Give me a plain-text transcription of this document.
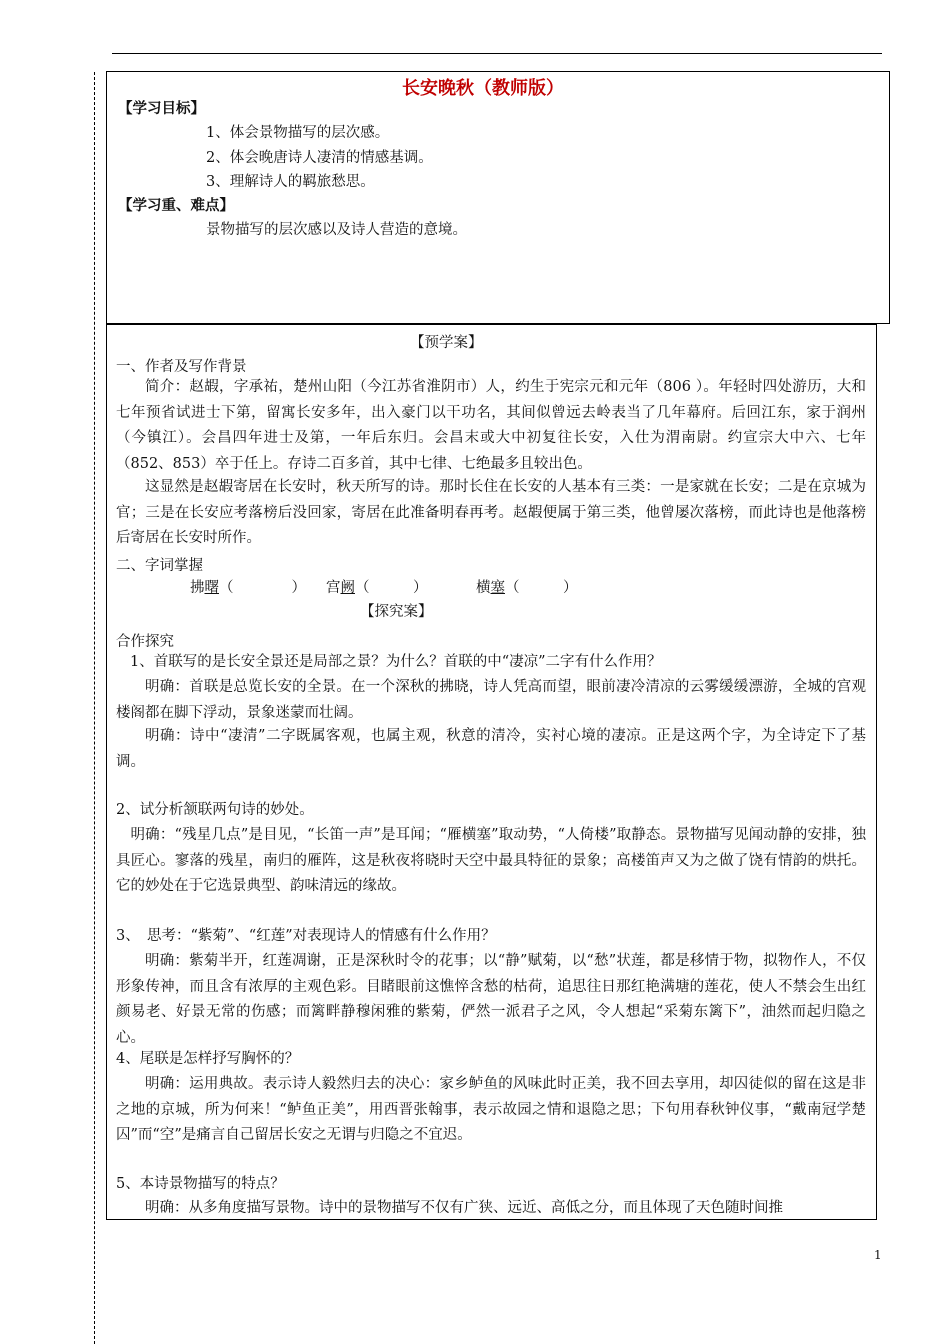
长安晚秋（教师版）
【学习目标】
1、体会景物描写的层次感。
2、体会晚唐诗人凄清的情感基调。
3、理解诗人的羁旅愁思。
【学习重、难点】
景物描写的层次感以及诗人营造的意境。
【预学案】
一、作者及写作背景
简介：赵嘏，字承祐，楚州山阳（今江苏省淮阴市）人，约生于宪宗元和元年（806 ）。年轻时四处游历，大和七年预省试进士下第，留寓长安多年，出入豪门以干功名，其间似曾远去岭表当了几年幕府。后回江东，家于润州（今镇江）。会昌四年进士及第，一年后东归。会昌末或大中初复往长安，入仕为渭南尉。约宣宗大中六、七年（852、853）卒于任上。存诗二百多首，其中七律、七绝最多且较出色。
这显然是赵嘏寄居在长安时，秋天所写的诗。那时长住在长安的人基本有三类：一是家就在长安；二是在京城为官；三是在长安应考落榜后没回家，寄居在此准备明春再考。赵嘏便属于第三类，他曾屡次落榜，而此诗也是他落榜后寄居在长安时所作。
二、字词掌握
拂曙（　　　　） 宫阙（　　　）	横塞（　　　）
【探究案】
合作探究
1、首联写的是长安全景还是局部之景？为什么？首联的中“凄凉”二字有什么作用？
明确：首联是总览长安的全景。在一个深秋的拂晓，诗人凭高而望，眼前凄冷清凉的云雾缓缓漂游，全城的宫观楼阁都在脚下浮动，景象迷蒙而壮阔。
明确：诗中“凄清”二字既属客观，也属主观，秋意的清冷，实衬心境的凄凉。正是这两个字，为全诗定下了基调。
2、试分析颔联两句诗的妙处。
明确：“残星几点”是目见，“长笛一声”是耳闻；“雁横塞”取动势，“人倚楼”取静态。景物描写见闻动静的安排，独具匠心。寥落的残星，南归的雁阵，这是秋夜将晓时天空中最具特征的景象；高楼笛声又为之做了饶有情韵的烘托。它的妙处在于它选景典型、韵味清远的缘故。
3、　思考：“紫菊”、“红莲”对表现诗人的情感有什么作用？
明确：紫菊半开，红莲凋谢，正是深秋时令的花事；以“静”赋菊，以“愁”状莲，都是移情于物，拟物作人，不仅形象传神，而且含有浓厚的主观色彩。目睹眼前这憔悴含愁的枯荷，追思往日那红艳满塘的莲花，使人不禁会生出红颜易老、好景无常的伤感；而篱畔静穆闲雅的紫菊，俨然一派君子之风，令人想起“采菊东篱下”，油然而起归隐之心。
4、尾联是怎样抒写胸怀的？
明确：运用典故。表示诗人毅然归去的决心：家乡鲈鱼的风味此时正美，我不回去享用，却囚徒似的留在这是非之地的京城，所为何来！“鲈鱼正美”，用西晋张翰事，表示故园之情和退隐之思；下句用春秋钟仪事，“戴南冠学楚囚”而“空”是痛言自己留居长安之无谓与归隐之不宜迟。
5、本诗景物描写的特点？
明确：从多角度描写景物。诗中的景物描写不仅有广狭、远近、高低之分，而且体现了天色随时间推
1
